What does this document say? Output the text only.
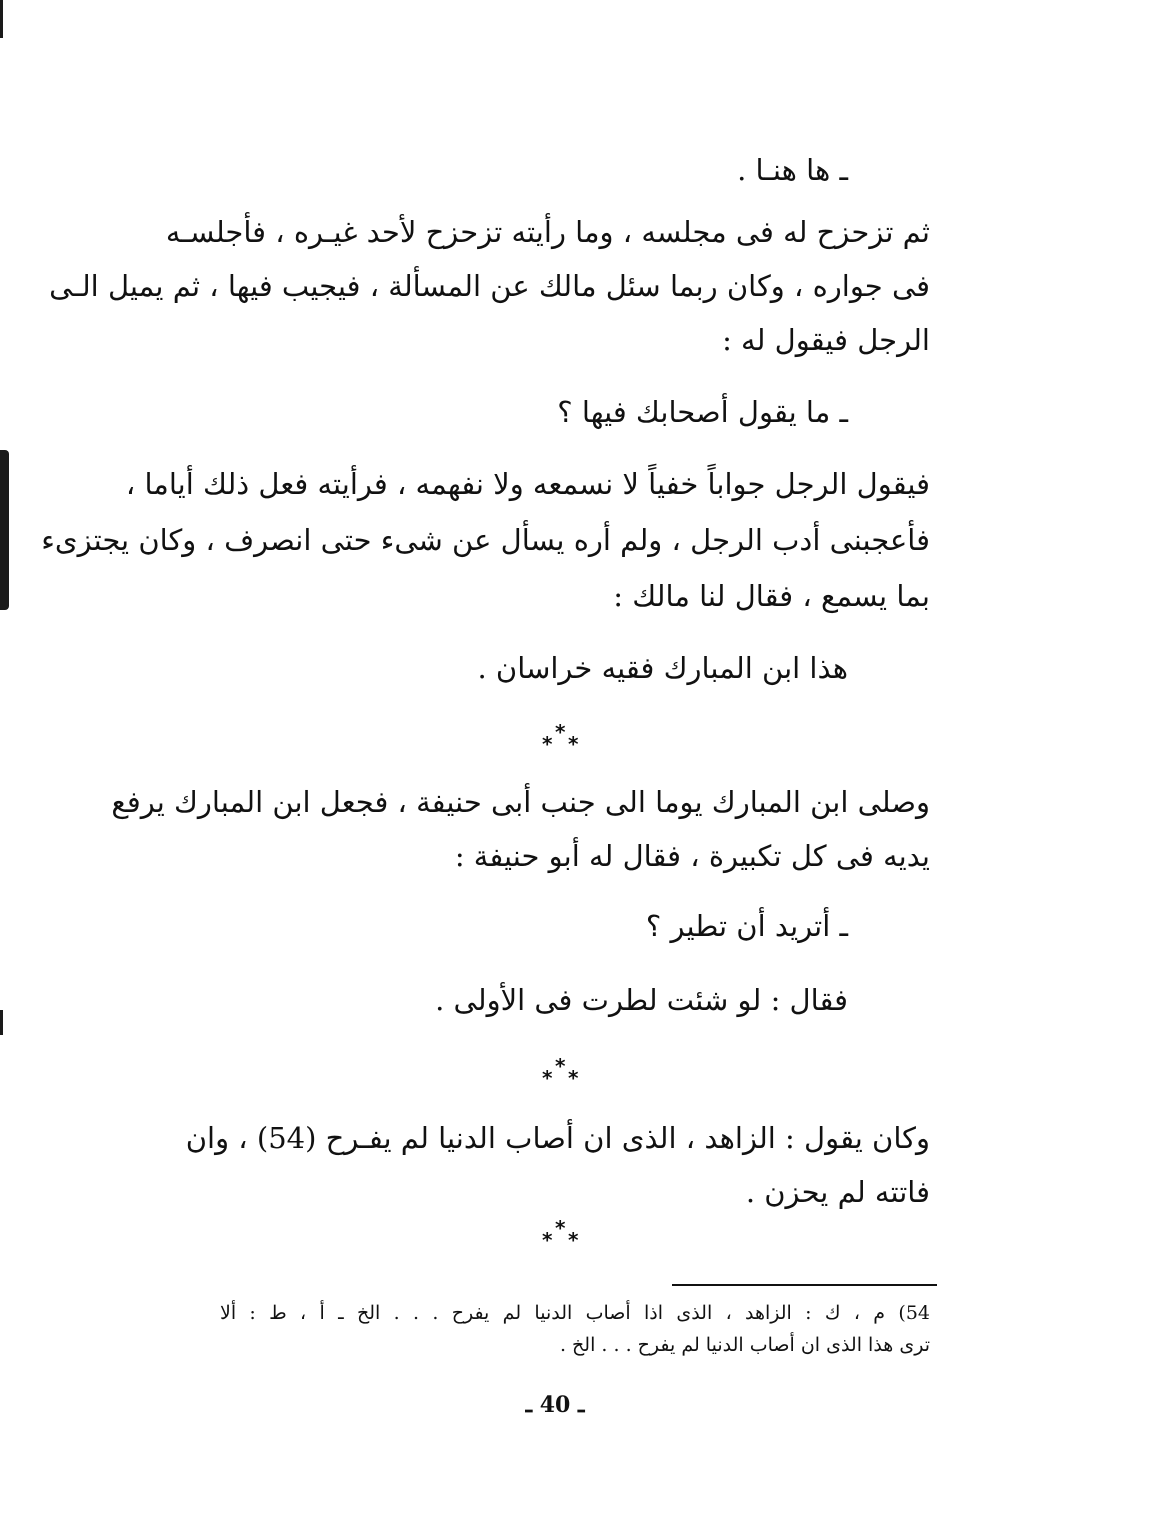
ـ ها هنـا .
ثم تزحزح له فى مجلسه ، وما رأيته تزحزح لأحد غيـره ، فأجلسـه
فى جواره ، وكان ربما سئل مالك عن المسألة ، فيجيب فيها ، ثم يميل الـى
الرجل فيقول له :
ـ ما يقول أصحابك فيها ؟
فيقول الرجل جواباً خفياً لا نسمعه ولا نفهمه ، فرأيته فعل ذلك أياما ،
فأعجبنى أدب الرجل ، ولم أره يسأل عن شىء حتى انصرف ، وكان يجتزىء
بما يسمع ، فقال لنا مالك :
هذا ابن المبارك فقيه خراسان .
* * *
وصلى ابن المبارك يوما الى جنب أبى حنيفة ، فجعل ابن المبارك يرفع
يديه فى كل تكبيرة ، فقال له أبو حنيفة :
ـ أتريد أن تطير ؟
فقال : لو شئت لطرت فى الأولى .
* * *
وكان يقول : الزاهد ، الذى ان أصاب الدنيا لم يفـرح (54) ، وان
فاتته لم يحزن .
* * *
54) م ، ك : الزاهد ، الذى اذا أصاب الدنيا لم يفرح . . . الخ ـ أ ، ط : ألا
ترى هذا الذى ان أصاب الدنيا لم يفرح . . . الخ .
ـ 40 ـ
